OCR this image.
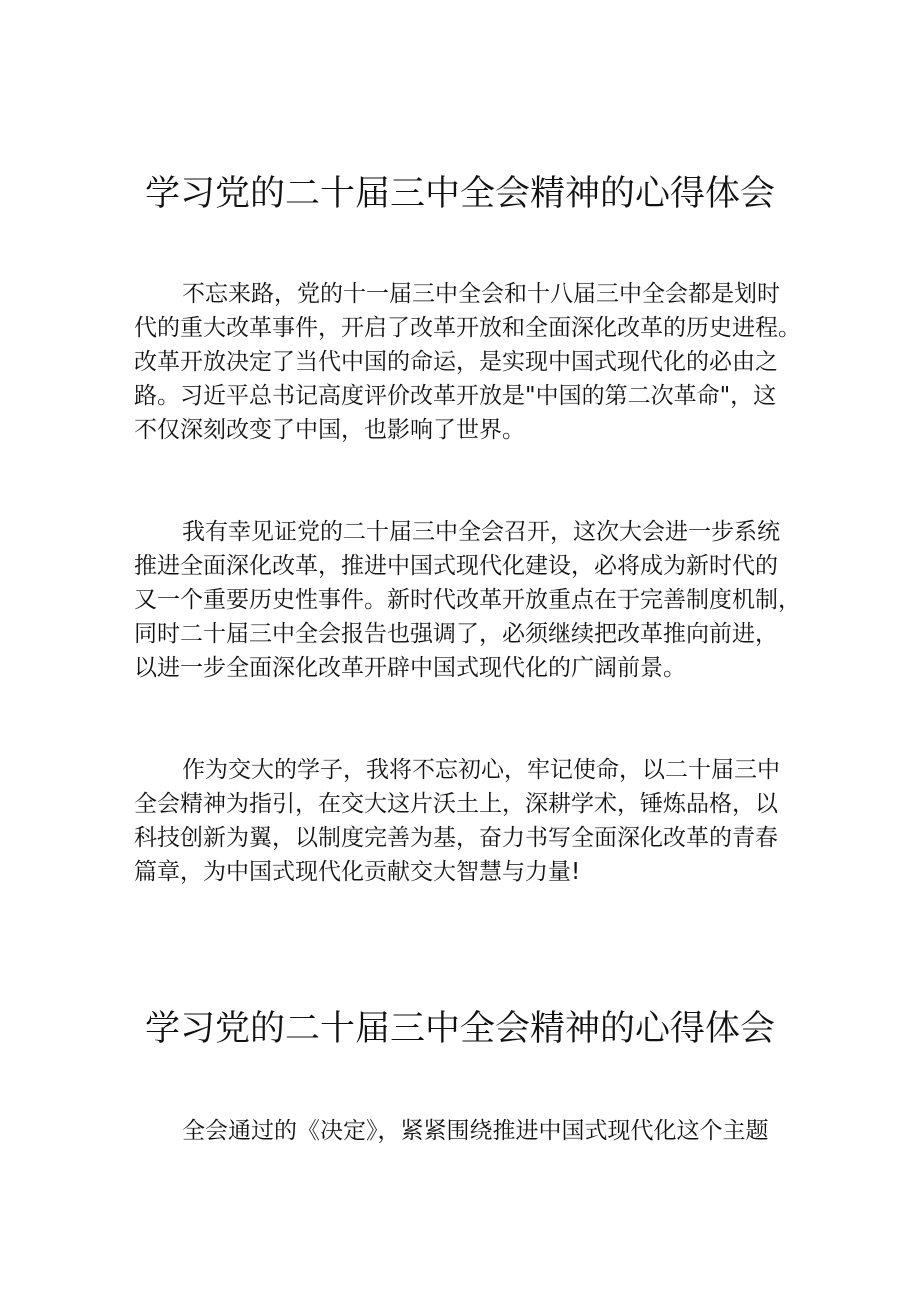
学习党的二十届三中全会精神的心得体会
不忘来路，党的十一届三中全会和十八届三中全会都是划时
代的重大改革事件，开启了改革开放和全面深化改革的历史进程。
改革开放决定了当代中国的命运，是实现中国式现代化的必由之
路。习近平总书记高度评价改革开放是"中国的第二次革命"，这
不仅深刻改变了中国，也影响了世界。
我有幸见证党的二十届三中全会召开，这次大会进一步系统
推进全面深化改革，推进中国式现代化建设，必将成为新时代的
又一个重要历史性事件。新时代改革开放重点在于完善制度机制，
同时二十届三中全会报告也强调了，必须继续把改革推向前进，
以进一步全面深化改革开辟中国式现代化的广阔前景。
作为交大的学子，我将不忘初心，牢记使命，以二十届三中
全会精神为指引，在交大这片沃土上，深耕学术，锤炼品格，以
科技创新为翼，以制度完善为基，奋力书写全面深化改革的青春
篇章，为中国式现代化贡献交大智慧与力量!
学习党的二十届三中全会精神的心得体会
全会通过的《决定》，紧紧围绕推进中国式现代化这个主题
